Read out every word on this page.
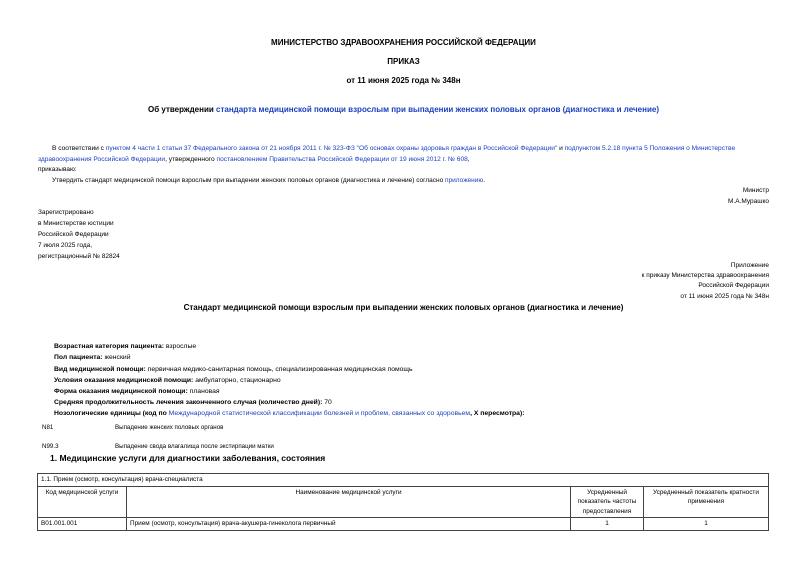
МИНИСТЕРСТВО ЗДРАВООХРАНЕНИЯ РОССИЙСКОЙ ФЕДЕРАЦИИ
ПРИКАЗ
от 11 июня 2025 года № 348н
Об утверждении стандарта медицинской помощи взрослым при выпадении женских половых органов (диагностика и лечение)
В соответствии с пунктом 4 части 1 статьи 37 Федерального закона от 21 ноября 2011 г. № 323-ФЗ "Об основах охраны здоровья граждан в Российской Федерации" и подпунктом 5.2.18 пункта 5 Положения о Министерстве здравоохранения Российской Федерации, утвержденного постановлением Правительства Российской Федерации от 19 июня 2012 г. № 608,
приказываю:
Утвердить стандарт медицинской помощи взрослым при выпадении женских половых органов (диагностика и лечение) согласно приложению.
Министр
М.А.Мурашко
Зарегистрировано
в Министерстве юстиции
Российской Федерации
7 июля 2025 года,
регистрационный № 82824
Приложение
к приказу Министерства здравоохранения
Российской Федерации
от 11 июня 2025 года № 348н
Стандарт медицинской помощи взрослым при выпадении женских половых органов (диагностика и лечение)
Возрастная категория пациента: взрослые
Пол пациента: женский
Вид медицинской помощи: первичная медико-санитарная помощь, специализированная медицинская помощь
Условия оказания медицинской помощи: амбулаторно, стационарно
Форма оказания медицинской помощи: плановая
Средняя продолжительность лечения законченного случая (количество дней): 70
Нозологические единицы (код по Международной статистической классификации болезней и проблем, связанных со здоровьем, X пересмотра):
N81	Выпадение женских половых органов
N99.3	Выпадение свода влагалища после экстирпации матки
1. Медицинские услуги для диагностики заболевания, состояния
1.1. Прием (осмотр, консультация) врача-специалиста			
Код медицинской услуги	Наименование медицинской услуги	Усредненный показатель частоты предоставления	Усредненный показатель кратности применения
B01.001.001	Прием (осмотр, консультация) врача-акушера-гинеколога первичный	1	1
